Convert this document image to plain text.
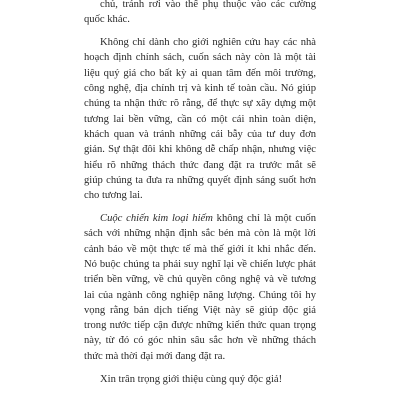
chủ, tránh rơi vào thế phụ thuộc vào các cường quốc khác.

Không chỉ dành cho giới nghiên cứu hay các nhà hoạch định chính sách, cuốn sách này còn là một tài liệu quý giá cho bất kỳ ai quan tâm đến môi trường, công nghệ, địa chính trị và kinh tế toàn cầu. Nó giúp chúng ta nhận thức rõ rằng, để thực sự xây dựng một tương lai bền vững, cần có một cái nhìn toàn diện, khách quan và tránh những cái bẫy của tư duy đơn giản. Sự thật đôi khi không dễ chấp nhận, nhưng việc hiểu rõ những thách thức đang đặt ra trước mắt sẽ giúp chúng ta đưa ra những quyết định sáng suốt hơn cho tương lai.

Cuộc chiến kim loại hiếm không chỉ là một cuốn sách với những nhận định sắc bén mà còn là một lời cảnh báo về một thực tế mà thế giới ít khi nhắc đến. Nó buộc chúng ta phải suy nghĩ lại về chiến lược phát triển bền vững, về chủ quyền công nghệ và về tương lai của ngành công nghiệp năng lượng. Chúng tôi hy vọng rằng bản dịch tiếng Việt này sẽ giúp độc giả trong nước tiếp cận được những kiến thức quan trọng này, từ đó có góc nhìn sâu sắc hơn về những thách thức mà thời đại mới đang đặt ra.

Xin trân trọng giới thiệu cùng quý độc giả!
